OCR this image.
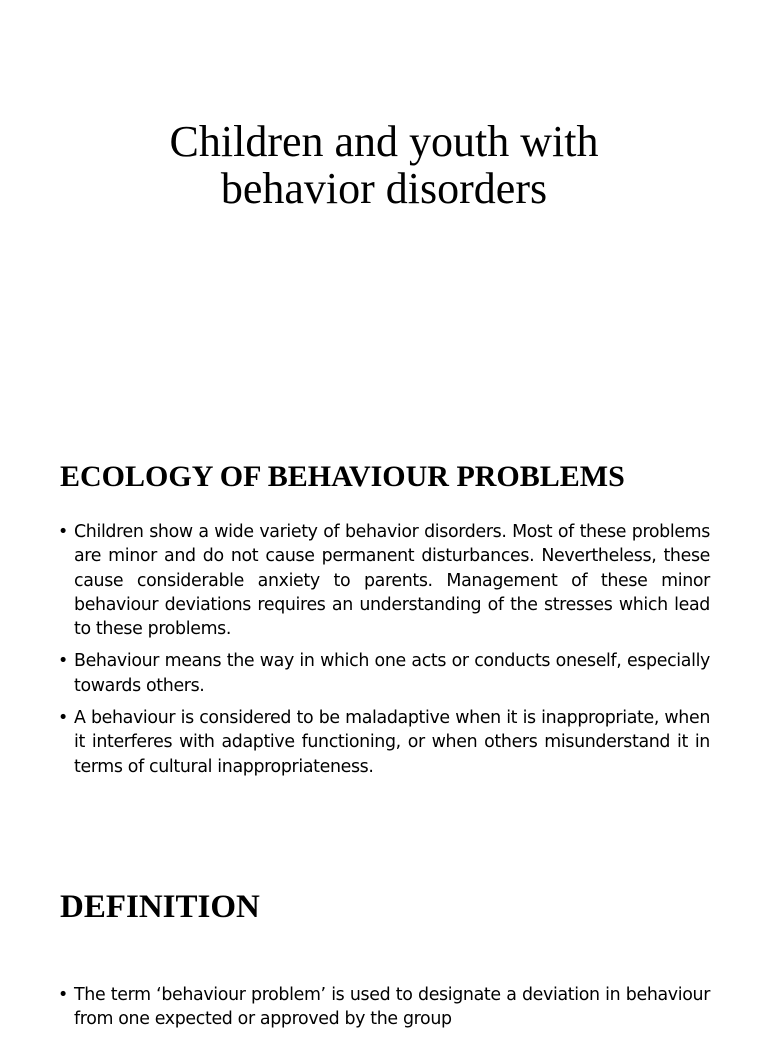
Children and youth with
behavior disorders
ECOLOGY OF BEHAVIOUR PROBLEMS
• Children show a wide variety of behavior disorders. Most of these problems are minor and do not cause permanent disturbances. Nevertheless, these cause considerable anxiety to parents. Management of these minor behaviour deviations requires an understanding of the stresses which lead to these problems.
• Behaviour means the way in which one acts or conducts oneself, especially towards others.
• A behaviour is considered to be maladaptive when it is inappropriate, when it interferes with adaptive functioning, or when others misunderstand it in terms of cultural inappropriateness.
DEFINITION
• The term ‘behaviour problem’ is used to designate a deviation in behaviour from one expected or approved by the group
